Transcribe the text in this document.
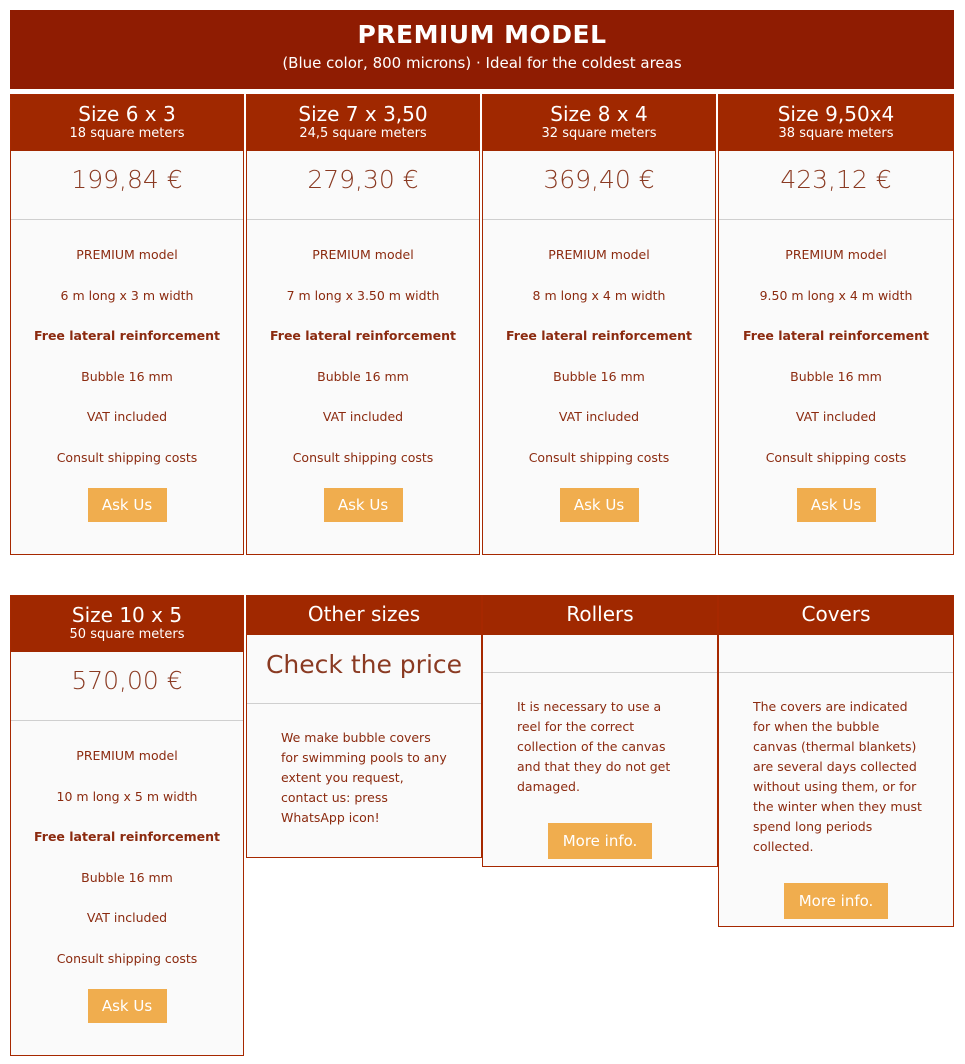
PREMIUM MODEL
(Blue color, 800 microns) · Ideal for the coldest areas
Size 6 x 3
18 square meters
199,84 €
PREMIUM model
6 m long x 3 m width
Free lateral reinforcement
Bubble 16 mm
VAT included
Consult shipping costs
Ask Us
Size 7 x 3,50
24,5 square meters
279,30 €
PREMIUM model
7 m long x 3.50 m width
Free lateral reinforcement
Bubble 16 mm
VAT included
Consult shipping costs
Ask Us
Size 8 x 4
32 square meters
369,40 €
PREMIUM model
8 m long x 4 m width
Free lateral reinforcement
Bubble 16 mm
VAT included
Consult shipping costs
Ask Us
Size 9,50x4
38 square meters
423,12 €
PREMIUM model
9.50 m long x 4 m width
Free lateral reinforcement
Bubble 16 mm
VAT included
Consult shipping costs
Ask Us
Size 10 x 5
50 square meters
570,00 €
PREMIUM model
10 m long x 5 m width
Free lateral reinforcement
Bubble 16 mm
VAT included
Consult shipping costs
Ask Us
Other sizes
Check the price
We make bubble covers for swimming pools to any extent you request, contact us: press WhatsApp icon!
Rollers
It is necessary to use a reel for the correct collection of the canvas and that they do not get damaged.
More info.
Covers
The covers are indicated for when the bubble canvas (thermal blankets) are several days collected without using them, or for the winter when they must spend long periods collected.
More info.
